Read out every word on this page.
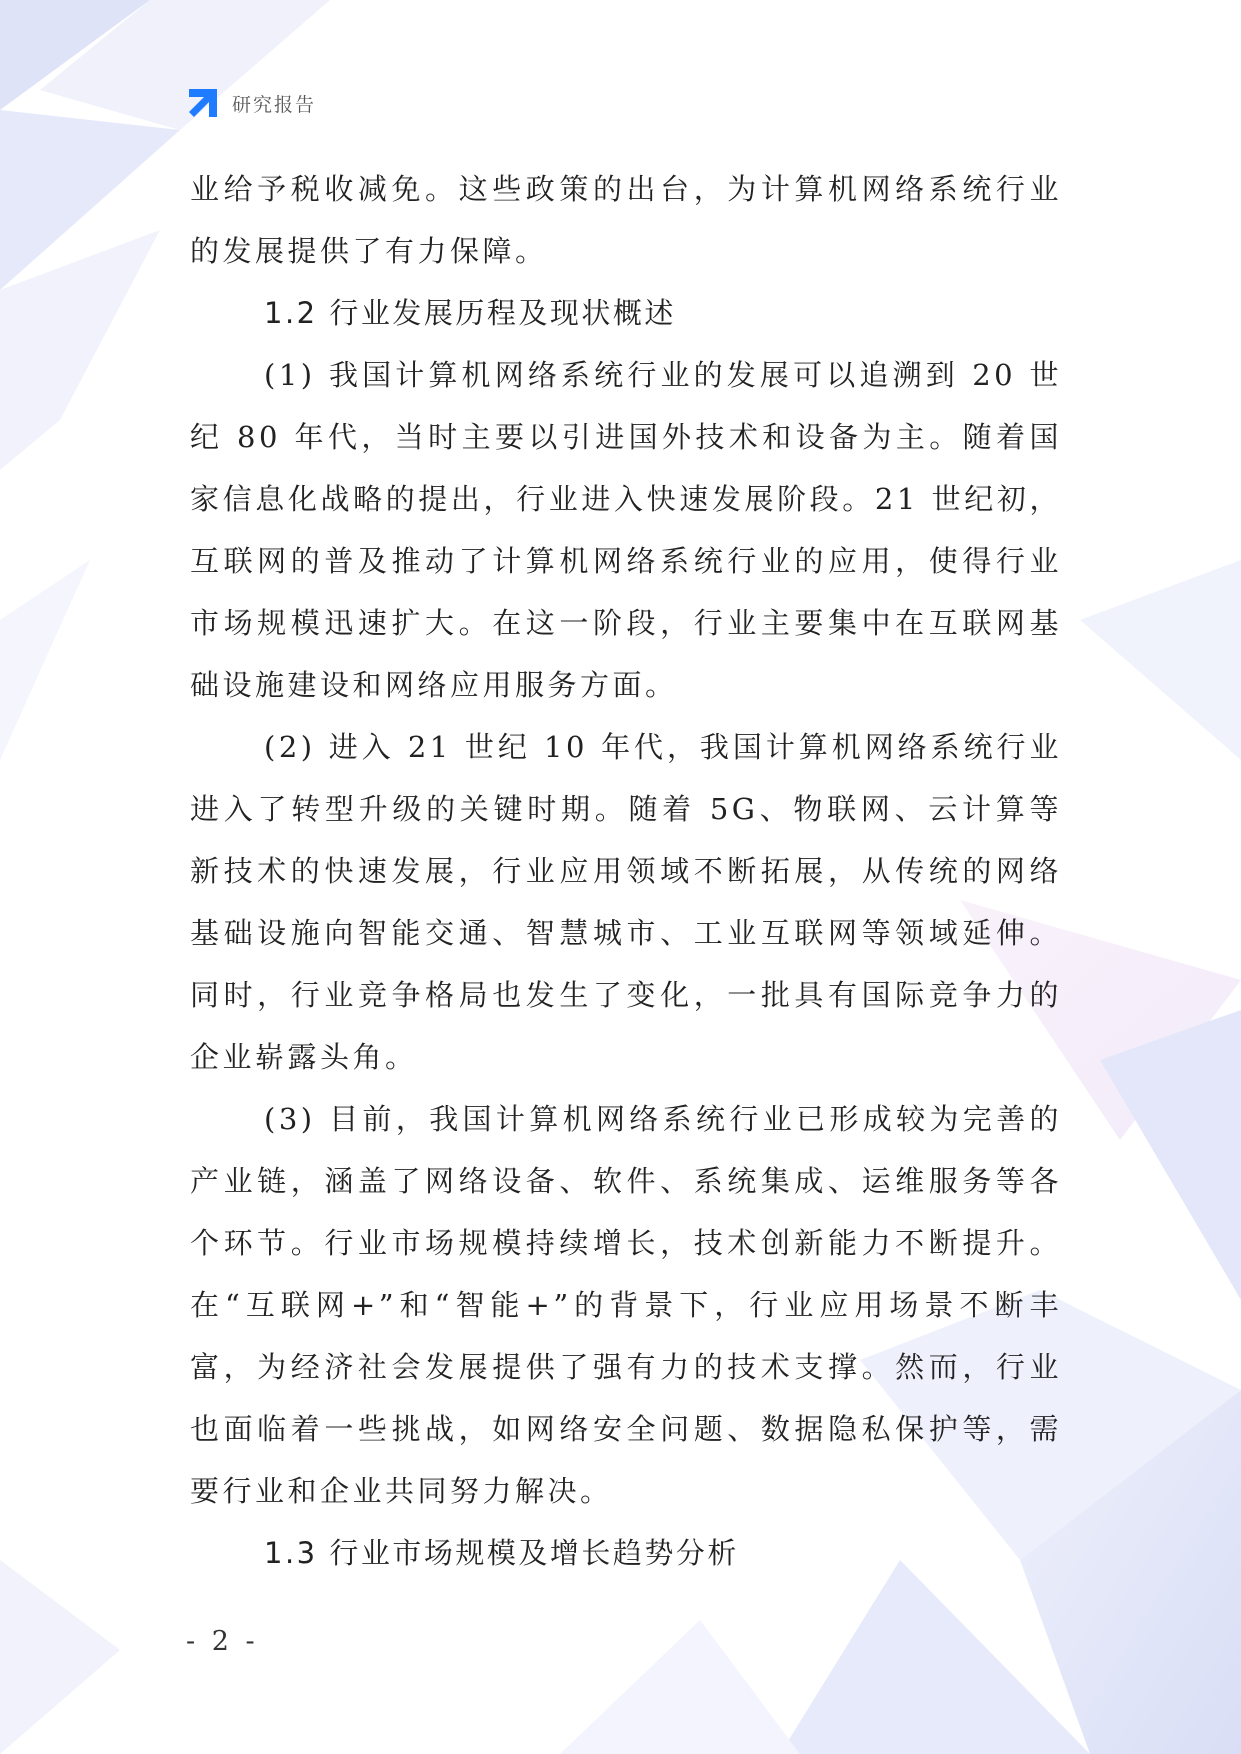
研究报告

业给予税收减免。这些政策的出台，为计算机网络系统行业的发展提供了有力保障。

1.2 行业发展历程及现状概述

(1) 我国计算机网络系统行业的发展可以追溯到 20 世纪 80 年代，当时主要以引进国外技术和设备为主。随着国家信息化战略的提出，行业进入快速发展阶段。21 世纪初，互联网的普及推动了计算机网络系统行业的应用，使得行业市场规模迅速扩大。在这一阶段，行业主要集中在互联网基础设施建设和网络应用服务方面。

(2) 进入 21 世纪 10 年代，我国计算机网络系统行业进入了转型升级的关键时期。随着 5G、物联网、云计算等新技术的快速发展，行业应用领域不断拓展，从传统的网络基础设施向智能交通、智慧城市、工业互联网等领域延伸。同时，行业竞争格局也发生了变化，一批具有国际竞争力的企业崭露头角。

(3) 目前，我国计算机网络系统行业已形成较为完善的产业链，涵盖了网络设备、软件、系统集成、运维服务等各个环节。行业市场规模持续增长，技术创新能力不断提升。在“互联网+”和“智能+”的背景下，行业应用场景不断丰富，为经济社会发展提供了强有力的技术支撑。然而，行业也面临着一些挑战，如网络安全问题、数据隐私保护等，需要行业和企业共同努力解决。

1.3 行业市场规模及增长趋势分析

- 2 -
